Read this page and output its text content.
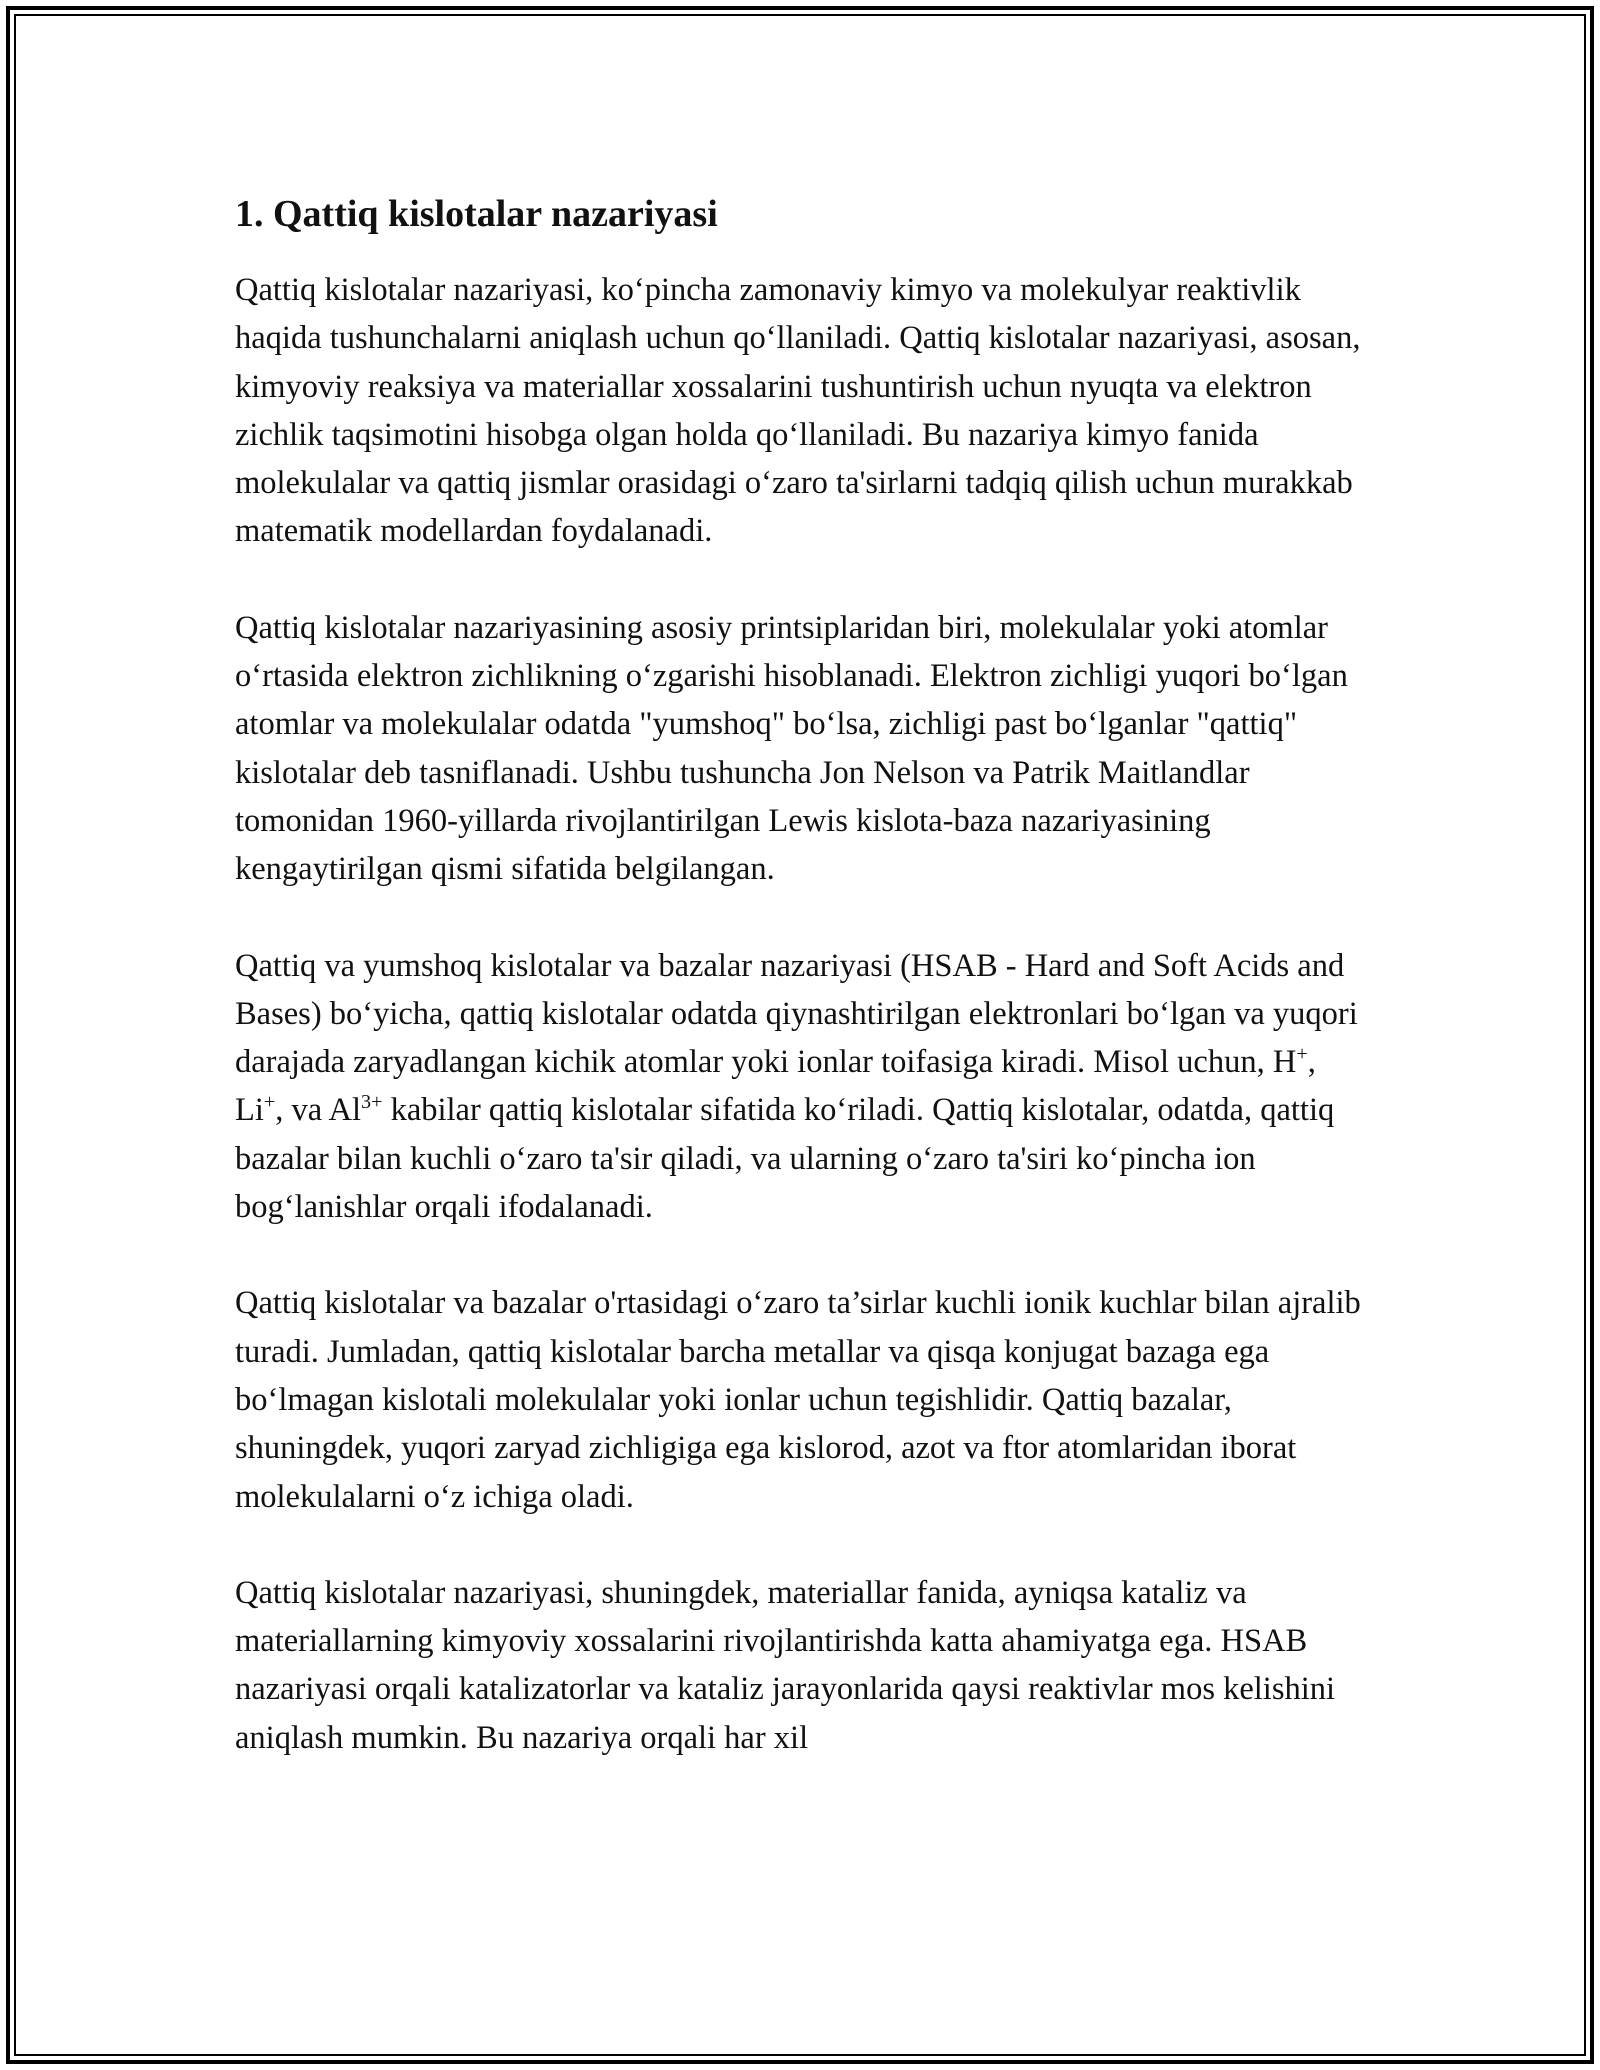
1. Qattiq kislotalar nazariyasi

Qattiq kislotalar nazariyasi, ko‘pincha zamonaviy kimyo va molekulyar reaktivlik haqida tushunchalarni aniqlash uchun qo‘llaniladi. Qattiq kislotalar nazariyasi, asosan, kimyoviy reaksiya va materiallar xossalarini tushuntirish uchun nyuqta va elektron zichlik taqsimotini hisobga olgan holda qo‘llaniladi. Bu nazariya kimyo fanida molekulalar va qattiq jismlar orasidagi o‘zaro ta'sirlarni tadqiq qilish uchun murakkab matematik modellardan foydalanadi.

Qattiq kislotalar nazariyasining asosiy printsiplaridan biri, molekulalar yoki atomlar o‘rtasida elektron zichlikning o‘zgarishi hisoblanadi. Elektron zichligi yuqori bo‘lgan atomlar va molekulalar odatda "yumshoq" bo‘lsa, zichligi past bo‘lganlar "qattiq" kislotalar deb tasniflanadi. Ushbu tushuncha Jon Nelson va Patrik Maitlandlar tomonidan 1960-yillarda rivojlantirilgan Lewis kislota-baza nazariyasining kengaytirilgan qismi sifatida belgilangan.

Qattiq va yumshoq kislotalar va bazalar nazariyasi (HSAB - Hard and Soft Acids and Bases) bo‘yicha, qattiq kislotalar odatda qiynashtirilgan elektronlari bo‘lgan va yuqori darajada zaryadlangan kichik atomlar yoki ionlar toifasiga kiradi. Misol uchun, H+, Li+, va $Al^{3+}$ kabilar qattiq kislotalar sifatida ko‘riladi. Qattiq kislotalar, odatda, qattiq bazalar bilan kuchli o‘zaro ta'sir qiladi, va ularning o‘zaro ta'siri ko‘pincha ion bog‘lanishlar orqali ifodalanadi.

Qattiq kislotalar va bazalar o'rtasidagi o‘zaro ta’sirlar kuchli ionik kuchlar bilan ajralib turadi. Jumladan, qattiq kislotalar barcha metallar va qisqa konjugat bazaga ega bo‘lmagan kislotali molekulalar yoki ionlar uchun tegishlidir. Qattiq bazalar, shuningdek, yuqori zaryad zichligiga ega kislorod, azot va ftor atomlaridan iborat molekulalarni o‘z ichiga oladi.

Qattiq kislotalar nazariyasi, shuningdek, materiallar fanida, ayniqsa kataliz va materiallarning kimyoviy xossalarini rivojlantirishda katta ahamiyatga ega. HSAB nazariyasi orqali katalizatorlar va kataliz jarayonlarida qaysi reaktivlar mos kelishini aniqlash mumkin. Bu nazariya orqali har xil
